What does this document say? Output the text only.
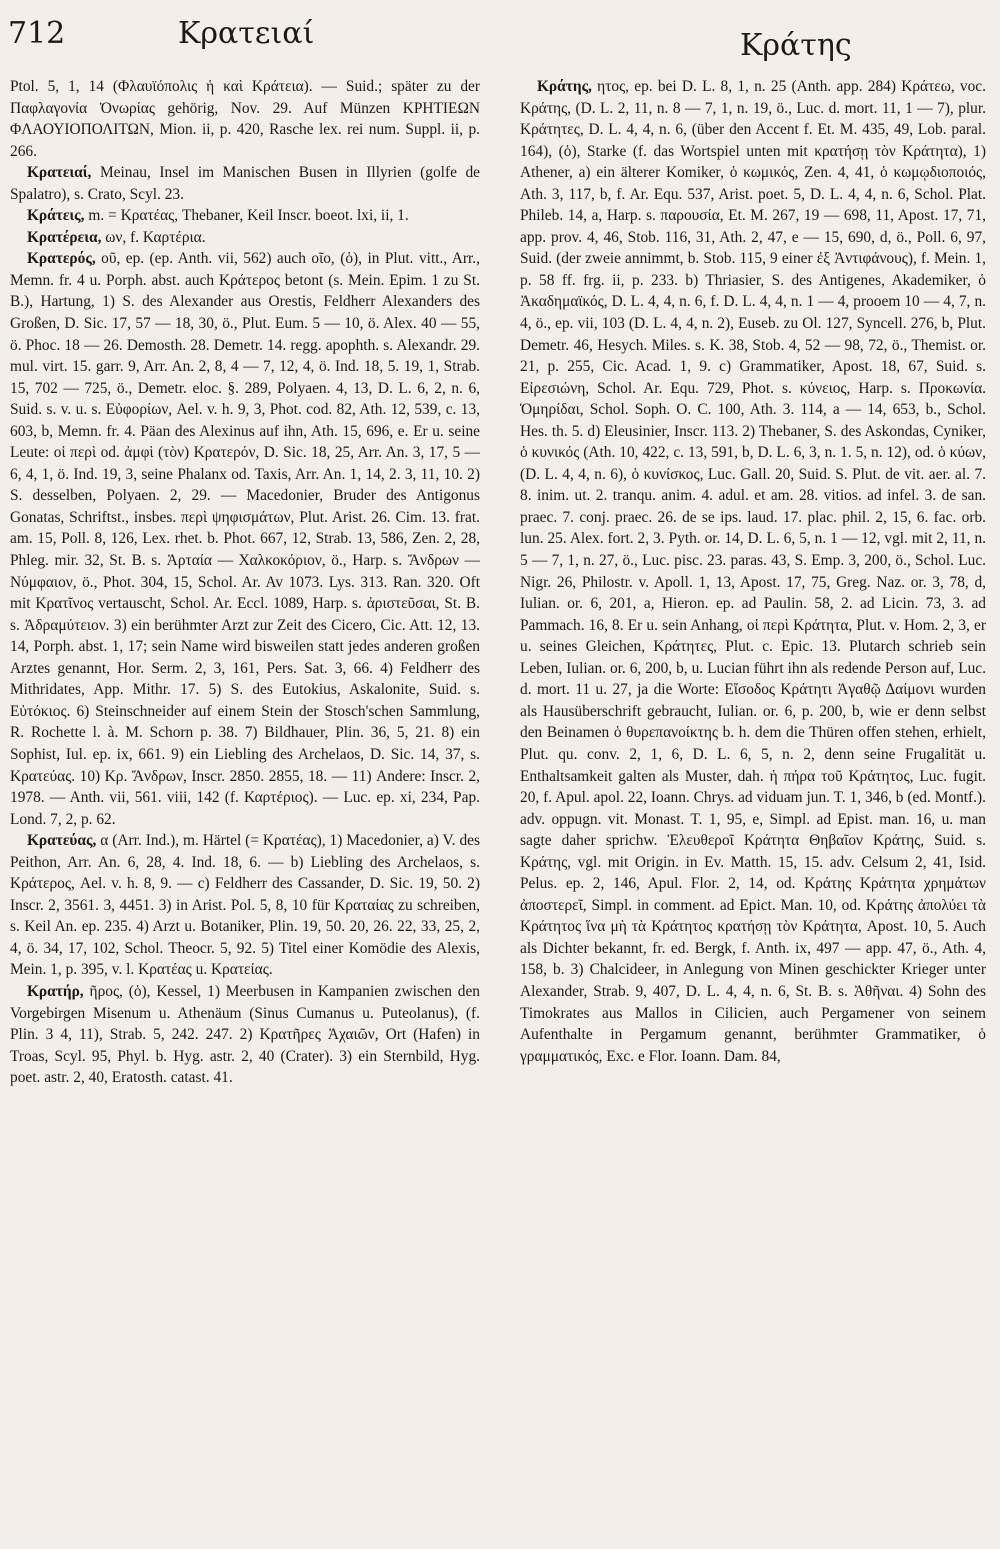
712	Κρατειαί	Κράτης

Ptol. 5, 1, 14 (Φλαυϊόπολις ἡ καὶ Κράτεια). — Suid.; später zu der Παφλαγονία Ὀνωρίας gehörig, Nov. 29. Auf Münzen ΚΡΗΤΙΕΩΝ ΦΛΑΟΥΙΟΠΟΛΙΤΩΝ, Mion. ii, p. 420, Rasche lex. rei num. Suppl. ii, p. 266.

Κρατειαί, Meinau, Insel im Manischen Busen in Illyrien (golfe de Spalatro), s. Crato, Scyl. 23.

Κράτεις, m. = Κρατέας, Thebaner, Keil Inscr. boeot. lxi, ii, 1.

Κρατέρεια, ων, f. Καρτέρια.

Κρατερός, οῦ, ep. (ep. Anth. vii, 562) auch οῖο, (ὁ), in Plut. vitt., Arr., Memn. fr. 4 u. Porph. abst. auch Κράτερος betont (s. Mein. Epim. 1 zu St. B.), Hartung, 1) S. des Alexander aus Orestis, Feldherr Alexanders des Großen, D. Sic. 17, 57 — 18, 30, ö., Plut. Eum. 5 — 10, ö. Alex. 40 — 55, ö. Phoc. 18 — 26. Demosth. 28. Demetr. 14. regg. apophth. s. Alexandr. 29. mul. virt. 15. garr. 9, Arr. An. 2, 8, 4 — 7, 12, 4, ö. Ind. 18, 5. 19, 1, Strab. 15, 702 — 725, ö., Demetr. eloc. §. 289, Polyaen. 4, 13, D. L. 6, 2, n. 6, Suid. s. v. u. s. Εὐφορίων, Ael. v. h. 9, 3, Phot. cod. 82, Ath. 12, 539, c. 13, 603, b, Memn. fr. 4. Päan des Alexinus auf ihn, Ath. 15, 696, e. Er u. seine Leute: οἱ περὶ od. ἀμφὶ (τὸν) Κρατερόν, D. Sic. 18, 25, Arr. An. 3, 17, 5 — 6, 4, 1, ö. Ind. 19, 3, seine Phalanx od. Taxis, Arr. An. 1, 14, 2. 3, 11, 10. 2) S. desselben, Polyaen. 2, 29. — Macedonier, Bruder des Antigonus Gonatas, Schriftst., insbes. περὶ ψηφισμάτων, Plut. Arist. 26. Cim. 13. frat. am. 15, Poll. 8, 126, Lex. rhet. b. Phot. 667, 12, Strab. 13, 586, Zen. 2, 28, Phleg. mir. 32, St. B. s. Ἀρταία — Χαλκοκόριον, ö., Harp. s. Ἄνδρων — Νύμφαιον, ö., Phot. 304, 15, Schol. Ar. Av 1073. Lys. 313. Ran. 320. Oft mit Κρατῖνος vertauscht, Schol. Ar. Eccl. 1089, Harp. s. ἀριστεῦσαι, St. B. s. Ἀδραμύτειον. 3) ein berühmter Arzt zur Zeit des Cicero, Cic. Att. 12, 13. 14, Porph. abst. 1, 17; sein Name wird bisweilen statt jedes anderen großen Arztes genannt, Hor. Serm. 2, 3, 161, Pers. Sat. 3, 66. 4) Feldherr des Mithridates, App. Mithr. 17. 5) S. des Eutokius, Askalonite, Suid. s. Εὐτόκιος. 6) Steinschneider auf einem Stein der Stosch'schen Sammlung, R. Rochette l. à. M. Schorn p. 38. 7) Bildhauer, Plin. 36, 5, 21. 8) ein Sophist, Iul. ep. ix, 661. 9) ein Liebling des Archelaos, D. Sic. 14, 37, s. Κρατεύας. 10) Κρ. Ἄνδρων, Inscr. 2850. 2855, 18. — 11) Andere: Inscr. 2, 1978. — Anth. vii, 561. viii, 142 (f. Καρτέριος). — Luc. ep. xi, 234, Pap. Lond. 7, 2, p. 62.

Κρατεύας, α (Arr. Ind.), m. Härtel (= Κρατέας), 1) Macedonier, a) V. des Peithon, Arr. An. 6, 28, 4. Ind. 18, 6. — b) Liebling des Archelaos, s. Κράτερος, Ael. v. h. 8, 9. — c) Feldherr des Cassander, D. Sic. 19, 50. 2) Inscr. 2, 3561. 3, 4451. 3) in Arist. Pol. 5, 8, 10 für Κραταίας zu schreiben, s. Keil An. ep. 235. 4) Arzt u. Botaniker, Plin. 19, 50. 20, 26. 22, 33, 25, 2, 4, ö. 34, 17, 102, Schol. Theocr. 5, 92. 5) Titel einer Komödie des Alexis, Mein. 1, p. 395, v. l. Κρατέας u. Κρατείας.

Κρατήρ, ῆρος, (ὁ), Kessel, 1) Meerbusen in Kampanien zwischen den Vorgebirgen Misenum u. Athenäum (Sinus Cumanus u. Puteolanus), (f. Plin. 3 4, 11), Strab. 5, 242. 247. 2) Κρατῆρες Ἀχαιῶν, Ort (Hafen) in Troas, Scyl. 95, Phyl. b. Hyg. astr. 2, 40 (Crater). 3) ein Sternbild, Hyg. poet. astr. 2, 40, Eratosth. catast. 41.

Κράτης, ητος, ep. bei D. L. 8, 1, n. 25 (Anth. app. 284) Κράτεω, voc. Κράτης, (D. L. 2, 11, n. 8 — 7, 1, n. 19, ö., Luc. d. mort. 11, 1 — 7), plur. Κράτητες, D. L. 4, 4, n. 6, (über den Accent f. Et. M. 435, 49, Lob. paral. 164), (ὁ), Starke (f. das Wortspiel unten mit κρατήσῃ τὸν Κράτητα), 1) Athener, a) ein älterer Komiker, ὁ κωμικός, Zen. 4, 41, ὁ κωμῳδιοποιός, Ath. 3, 117, b, f. Ar. Equ. 537, Arist. poet. 5, D. L. 4, 4, n. 6, Schol. Plat. Phileb. 14, a, Harp. s. παρουσία, Et. M. 267, 19 — 698, 11, Apost. 17, 71, app. prov. 4, 46, Stob. 116, 31, Ath. 2, 47, e — 15, 690, d, ö., Poll. 6, 97, Suid. (der zweie annimmt, b. Stob. 115, 9 einer ἐξ Ἀντιφάνους), f. Mein. 1, p. 58 ff. frg. ii, p. 233. b) Thriasier, S. des Antigenes, Akademiker, ὁ Ἀκαδημαϊκός, D. L. 4, 4, n. 6, f. D. L. 4, 4, n. 1 — 4, prooem 10 — 4, 7, n. 4, ö., ep. vii, 103 (D. L. 4, 4, n. 2), Euseb. zu Ol. 127, Syncell. 276, b, Plut. Demetr. 46, Hesych. Miles. s. K. 38, Stob. 4, 52 — 98, 72, ö., Themist. or. 21, p. 255, Cic. Acad. 1, 9. c) Grammatiker, Apost. 18, 67, Suid. s. Εἰρεσιώνη, Schol. Ar. Equ. 729, Phot. s. κύνειος, Harp. s. Προκωνία. Ὁμηρίδαι, Schol. Soph. O. C. 100, Ath. 3. 114, a — 14, 653, b., Schol. Hes. th. 5. d) Eleusinier, Inscr. 113. 2) Thebaner, S. des Askondas, Cyniker, ὁ κυνικός (Ath. 10, 422, c. 13, 591, b, D. L. 6, 3, n. 1. 5, n. 12), od. ὁ κύων, (D. L. 4, 4, n. 6), ὁ κυνίσκος, Luc. Gall. 20, Suid. S. Plut. de vit. aer. al. 7. 8. inim. ut. 2. tranqu. anim. 4. adul. et am. 28. vitios. ad infel. 3. de san. praec. 7. conj. praec. 26. de se ips. laud. 17. plac. phil. 2, 15, 6. fac. orb. lun. 25. Alex. fort. 2, 3. Pyth. or. 14, D. L. 6, 5, n. 1 — 12, vgl. mit 2, 11, n. 5 — 7, 1, n. 27, ö., Luc. pisc. 23. paras. 43, S. Emp. 3, 200, ö., Schol. Luc. Nigr. 26, Philostr. v. Apoll. 1, 13, Apost. 17, 75, Greg. Naz. or. 3, 78, d, Iulian. or. 6, 201, a, Hieron. ep. ad Paulin. 58, 2. ad Licin. 73, 3. ad Pammach. 16, 8. Er u. sein Anhang, οἱ περὶ Κράτητα, Plut. v. Hom. 2, 3, er u. seines Gleichen, Κράτητες, Plut. c. Epic. 13. Plutarch schrieb sein Leben, Iulian. or. 6, 200, b, u. Lucian führt ihn als redende Person auf, Luc. d. mort. 11 u. 27, ja die Worte: Εἴσοδος Κράτητι Ἀγαθῷ Δαίμονι wurden als Hausüberschrift gebraucht, Iulian. or. 6, p. 200, b, wie er denn selbst den Beinamen ὁ θυρεπανοίκτης b. h. dem die Thüren offen stehen, erhielt, Plut. qu. conv. 2, 1, 6, D. L. 6, 5, n. 2, denn seine Frugalität u. Enthaltsamkeit galten als Muster, dah. ἡ πήρα τοῦ Κράτητος, Luc. fugit. 20, f. Apul. apol. 22, Ioann. Chrys. ad viduam jun. T. 1, 346, b (ed. Montf.). adv. oppugn. vit. Monast. T. 1, 95, e, Simpl. ad Epist. man. 16, u. man sagte daher sprichw. Ἐλευθεροῖ Κράτητα Θηβαῖον Κράτης, Suid. s. Κράτης, vgl. mit Origin. in Ev. Matth. 15, 15. adv. Celsum 2, 41, Isid. Pelus. ep. 2, 146, Apul. Flor. 2, 14, od. Κράτης Κράτητα χρημάτων ἀποστερεῖ, Simpl. in comment. ad Epict. Man. 10, od. Κράτης ἀπολύει τὰ Κράτητος ἵνα μὴ τὰ Κράτητος κρατήσῃ τὸν Κράτητα, Apost. 10, 5. Auch als Dichter bekannt, fr. ed. Bergk, f. Anth. ix, 497 — app. 47, ö., Ath. 4, 158, b. 3) Chalcideer, in Anlegung von Minen geschickter Krieger unter Alexander, Strab. 9, 407, D. L. 4, 4, n. 6, St. B. s. Ἀθῆναι. 4) Sohn des Timokrates aus Mallos in Cilicien, auch Pergamener von seinem Aufenthalte in Pergamum genannt, berühmter Grammatiker, ὁ γραμματικός, Exc. e Flor. Ioann. Dam. 84,
